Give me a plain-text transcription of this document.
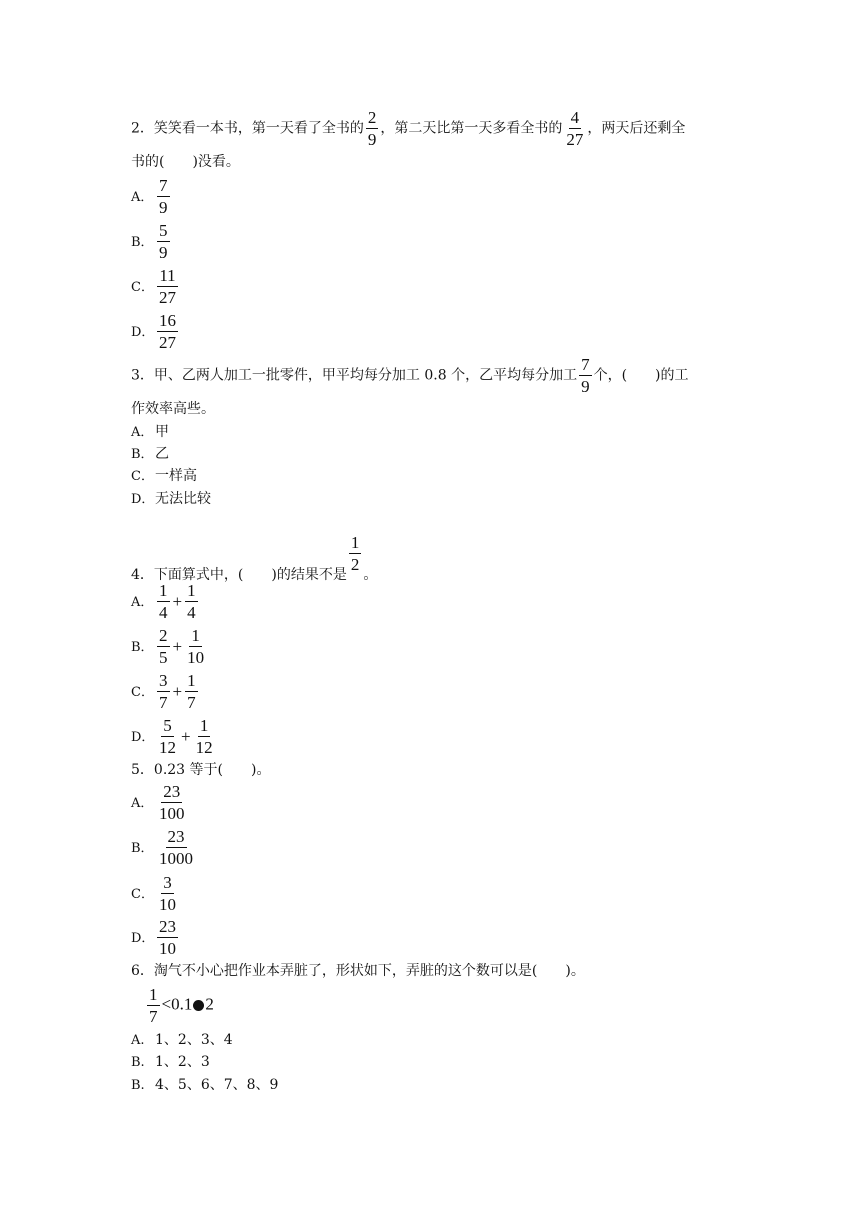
2．笑笑看一本书，第一天看了全书的 $\frac{2}{9}$ ，第二天比第一天多看全书的 $\frac{4}{27}$ ，两天后还剩全
书的(　　)没看。
A． $\frac{7}{9}$
B． $\frac{5}{9}$
C． $\frac{11}{27}$
D． $\frac{16}{27}$
3．甲、乙两人加工一批零件，甲平均每分加工 0.8 个，乙平均每分加工 $\frac{7}{9}$ 个，(　　)的工
作效率高些。
A． 甲
B．乙
C．一样高
D．无法比较
4．下面算式中，(　　)的结果不是
$\frac{1}{2}$
。
A． $\frac{1}{4} + \frac{1}{4}$
B． $\frac{2}{5} + \frac{1}{10}$
C． $\frac{3}{7} + \frac{1}{7}$
D． $\frac{5}{12} + \frac{1}{12}$
5．0.23 等于(　　)。
A． $\frac{23}{100}$
B． $\frac{23}{1000}$
C． $\frac{3}{10}$
D． $\frac{23}{10}$
6．淘气不小心把作业本弄脏了，形状如下，弄脏的这个数可以是(　　)。
$\frac{1}{7} <0.1$ 2
A. 1、2、3、4
B. 1、2、3
B. 4、5、6、7、8、9
